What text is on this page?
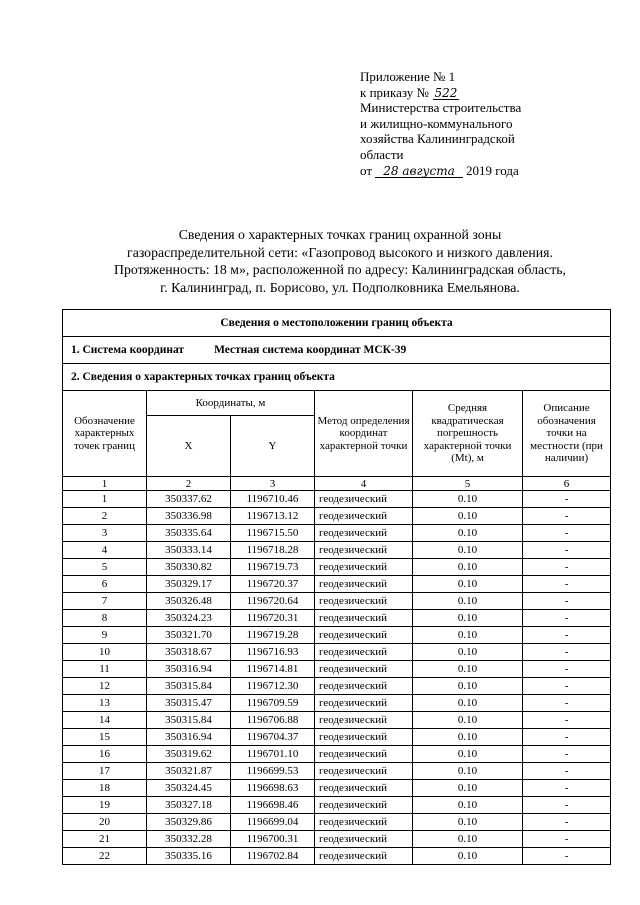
Приложение № 1
к приказу № 522
Министерства строительства
и жилищно-коммунального
хозяйства Калининградской
области
от 28 августа 2019 года
Сведения о характерных точках границ охранной зоны
газораспределительной сети: «Газопровод высокого и низкого давления.
Протяженность: 18 м», расположенной по адресу: Калининградская область,
г. Калининград, п. Борисово, ул. Подполковника Емельянова.
Сведения о местоположении границ объекта					
1. Система координат Местная система координат МСК-39					
2. Сведения о характерных точках границ объекта					
Обозначение характерных точек границ	Координаты, м		Метод определения координат характерной точки	Средняя квадратическая погрешность характерной точки (Mt), м	Описание обозначения точки на местности (при наличии)
	X	Y			
1	2	3	4	5	6
1	350337.62	1196710.46	геодезический	0.10	-
2	350336.98	1196713.12	геодезический	0.10	-
3	350335.64	1196715.50	геодезический	0.10	-
4	350333.14	1196718.28	геодезический	0.10	-
5	350330.82	1196719.73	геодезический	0.10	-
6	350329.17	1196720.37	геодезический	0.10	-
7	350326.48	1196720.64	геодезический	0.10	-
8	350324.23	1196720.31	геодезический	0.10	-
9	350321.70	1196719.28	геодезический	0.10	-
10	350318.67	1196716.93	геодезический	0.10	-
11	350316.94	1196714.81	геодезический	0.10	-
12	350315.84	1196712.30	геодезический	0.10	-
13	350315.47	1196709.59	геодезический	0.10	-
14	350315.84	1196706.88	геодезический	0.10	-
15	350316.94	1196704.37	геодезический	0.10	-
16	350319.62	1196701.10	геодезический	0.10	-
17	350321.87	1196699.53	геодезический	0.10	-
18	350324.45	1196698.63	геодезический	0.10	-
19	350327.18	1196698.46	геодезический	0.10	-
20	350329.86	1196699.04	геодезический	0.10	-
21	350332.28	1196700.31	геодезический	0.10	-
22	350335.16	1196702.84	геодезический	0.10	-
